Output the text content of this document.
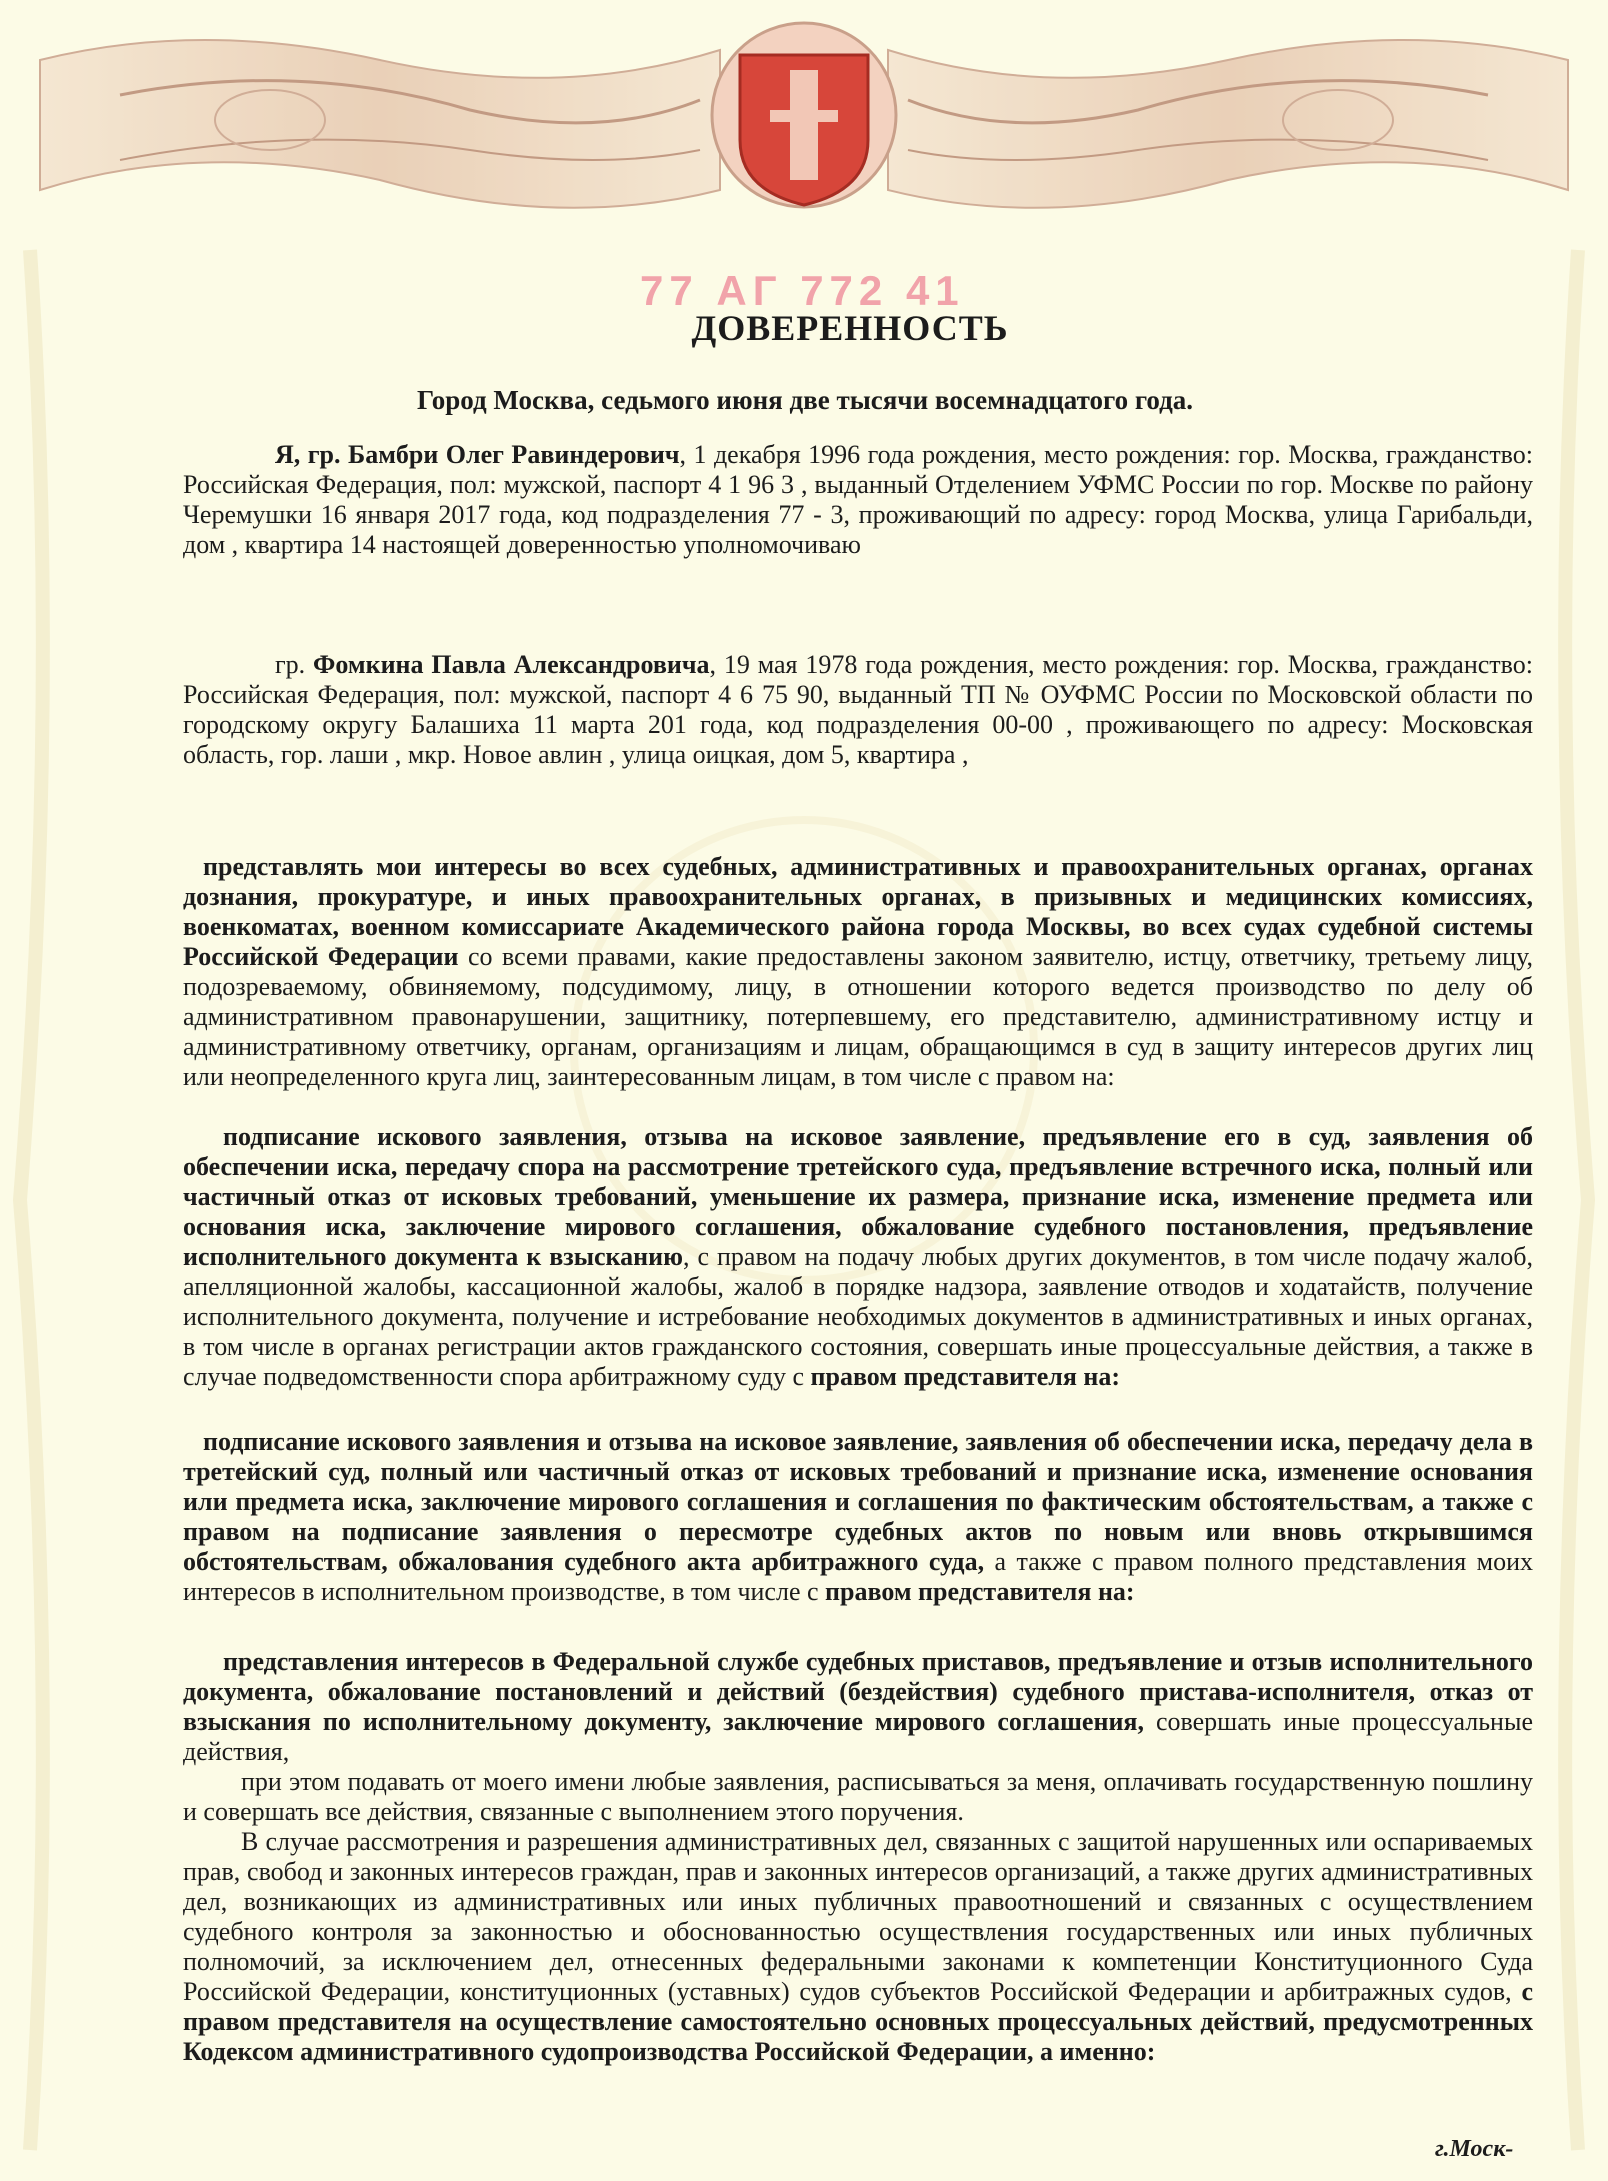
77 АГ 772 41
ДОВЕРЕННОСТЬ
Город Москва, седьмого июня две тысячи восемнадцатого года.
Я, гр. Бамбри Олег Равиндерович, 1 декабря 1996 года рождения, место рождения: гор. Москва, гражданство: Российская Федерация, пол: мужской, паспорт 4 1 96 3 , выданный Отделением УФМС России по гор. Москве по району Черемушки 16 января 2017 года, код подразделения 77 - 3, проживающий по адресу: город Москва, улица Гарибальди, дом , квартира 14 настоящей доверенностью уполномочиваю
гр. Фомкина Павла Александровича, 19 мая 1978 года рождения, место рождения: гор. Москва, гражданство: Российская Федерация, пол: мужской, паспорт 4 6 75 90, выданный ТП № ОУФМС России по Московской области по городскому округу Балашиха 11 марта 201 года, код подразделения 00-00 , проживающего по адресу: Московская область, гор. лаши , мкр. Новое авлин , улица оицкая, дом 5, квартира ,
представлять мои интересы во всех судебных, административных и правоохранительных органах, органах дознания, прокуратуре, и иных правоохранительных органах, в призывных и медицинских комиссиях, военкоматах, военном комиссариате Академического района города Москвы, во всех судах судебной системы Российской Федерации со всеми правами, какие предоставлены законом заявителю, истцу, ответчику, третьему лицу, подозреваемому, обвиняемому, подсудимому, лицу, в отношении которого ведется производство по делу об административном правонарушении, защитнику, потерпевшему, его представителю, административному истцу и административному ответчику, органам, организациям и лицам, обращающимся в суд в защиту интересов других лиц или неопределенного круга лиц, заинтересованным лицам, в том числе с правом на:
подписание искового заявления, отзыва на исковое заявление, предъявление его в суд, заявления об обеспечении иска, передачу спора на рассмотрение третейского суда, предъявление встречного иска, полный или частичный отказ от исковых требований, уменьшение их размера, признание иска, изменение предмета или основания иска, заключение мирового соглашения, обжалование судебного постановления, предъявление исполнительного документа к взысканию, с правом на подачу любых других документов, в том числе подачу жалоб, апелляционной жалобы, кассационной жалобы, жалоб в порядке надзора, заявление отводов и ходатайств, получение исполнительного документа, получение и истребование необходимых документов в административных и иных органах, в том числе в органах регистрации актов гражданского состояния, совершать иные процессуальные действия, а также в случае подведомственности спора арбитражному суду с правом представителя на:
подписание искового заявления и отзыва на исковое заявление, заявления об обеспечении иска, передачу дела в третейский суд, полный или частичный отказ от исковых требований и признание иска, изменение основания или предмета иска, заключение мирового соглашения и соглашения по фактическим обстоятельствам, а также с правом на подписание заявления о пересмотре судебных актов по новым или вновь открывшимся обстоятельствам, обжалования судебного акта арбитражного суда, а также с правом полного представления моих интересов в исполнительном производстве, в том числе с правом представителя на:
представления интересов в Федеральной службе судебных приставов, предъявление и отзыв исполнительного документа, обжалование постановлений и действий (бездействия) судебного пристава-исполнителя, отказ от взыскания по исполнительному документу, заключение мирового соглашения, совершать иные процессуальные действия,
при этом подавать от моего имени любые заявления, расписываться за меня, оплачивать государственную пошлину и совершать все действия, связанные с выполнением этого поручения.
В случае рассмотрения и разрешения административных дел, связанных с защитой нарушенных или оспариваемых прав, свобод и законных интересов граждан, прав и законных интересов организаций, а также других административных дел, возникающих из административных или иных публичных правоотношений и связанных с осуществлением судебного контроля за законностью и обоснованностью осуществления государственных или иных публичных полномочий, за исключением дел, отнесенных федеральными законами к компетенции Конституционного Суда Российской Федерации, конституционных (уставных) судов субъектов Российской Федерации и арбитражных судов, с правом представителя на осуществление самостоятельно основных процессуальных действий, предусмотренных Кодексом административного судопроизводства Российской Федерации, а именно:
г.Моск-
